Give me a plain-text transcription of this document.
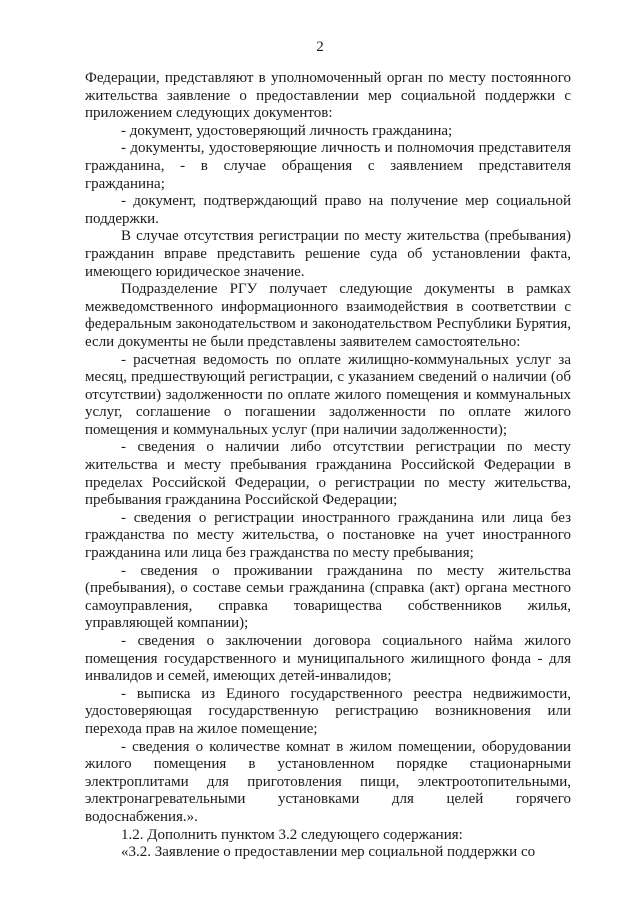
2

Федерации, представляют в уполномоченный орган по месту постоянного жительства заявление о предоставлении мер социальной поддержки с приложением следующих документов:

- документ, удостоверяющий личность гражданина;

- документы, удостоверяющие личность и полномочия представителя гражданина, - в случае обращения с заявлением представителя гражданина;

- документ, подтверждающий право на получение мер социальной поддержки.

В случае отсутствия регистрации по месту жительства (пребывания) гражданин вправе представить решение суда об установлении факта, имеющего юридическое значение.

Подразделение РГУ получает следующие документы в рамках межведомственного информационного взаимодействия в соответствии с федеральным законодательством и законодательством Республики Бурятия, если документы не были представлены заявителем самостоятельно:

- расчетная ведомость по оплате жилищно-коммунальных услуг за месяц, предшествующий регистрации, с указанием сведений о наличии (об отсутствии) задолженности по оплате жилого помещения и коммунальных услуг, соглашение о погашении задолженности по оплате жилого помещения и коммунальных услуг (при наличии задолженности);

- сведения о наличии либо отсутствии регистрации по месту жительства и месту пребывания гражданина Российской Федерации в пределах Российской Федерации, о регистрации по месту жительства, пребывания гражданина Российской Федерации;

- сведения о регистрации иностранного гражданина или лица без гражданства по месту жительства, о постановке на учет иностранного гражданина или лица без гражданства по месту пребывания;

- сведения о проживании гражданина по месту жительства (пребывания), о составе семьи гражданина (справка (акт) органа местного самоуправления, справка товарищества собственников жилья, управляющей компании);

- сведения о заключении договора социального найма жилого помещения государственного и муниципального жилищного фонда - для инвалидов и семей, имеющих детей-инвалидов;

- выписка из Единого государственного реестра недвижимости, удостоверяющая государственную регистрацию возникновения или перехода прав на жилое помещение;

- сведения о количестве комнат в жилом помещении, оборудовании жилого помещения в установленном порядке стационарными электроплитами для приготовления пищи, электроотопительными, электронагревательными установками для целей горячего водоснабжения.».

1.2. Дополнить пунктом 3.2 следующего содержания:

«3.2. Заявление о предоставлении мер социальной поддержки со
